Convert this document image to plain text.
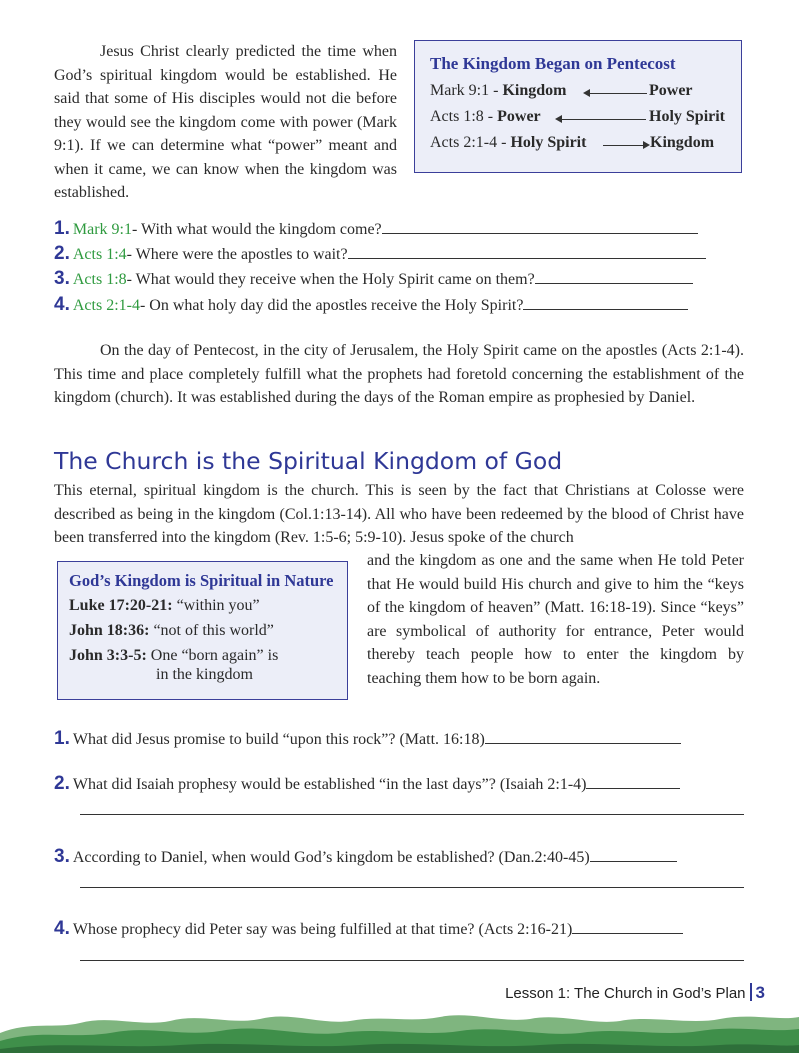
Jesus Christ clearly predicted the time when God’s spiritual kingdom would be established. He said that some of His disciples would not die before they would see the kingdom come with power (Mark 9:1). If we can determine what “power” meant and when it came, we can know when the kingdom was established.
The Kingdom Began on Pentecost
Mark 9:1 - Kingdom	Power
Acts 1:8 - Power	Holy Spirit
Acts 2:1-4 - Holy Spirit	Kingdom
1. Mark 9:1 - With what would the kingdom come?
2. Acts 1:4 - Where were the apostles to wait?
3. Acts 1:8 - What would they receive when the Holy Spirit came on them?
4. Acts 2:1-4 - On what holy day did the apostles receive the Holy Spirit?
On the day of Pentecost, in the city of Jerusalem, the Holy Spirit came on the apostles (Acts 2:1-4). This time and place completely fulfill what the prophets had foretold concerning the establishment of the kingdom (church). It was established during the days of the Roman empire as prophesied by Daniel.
The Church is the Spiritual Kingdom of God
This eternal, spiritual kingdom is the church. This is seen by the fact that Christians at Colosse were described as being in the kingdom (Col.1:13-14). All who have been redeemed by the blood of Christ have been transferred into the kingdom (Rev. 1:5-6; 5:9-10). Jesus spoke of the church
and the kingdom as one and the same when He told Peter that He would build His church and give to him the “keys of the kingdom of heaven” (Matt. 16:18-19). Since “keys” are symbolical of authority for entrance, Peter would thereby teach people how to enter the kingdom by teaching them how to be born again.
God’s Kingdom is Spiritual in Nature
Luke 17:20-21: “within you”
John 18:36: “not of this world”
John 3:3-5: One “born again” is
in the kingdom
1. What did Jesus promise to build “upon this rock”? (Matt. 16:18)
2. What did Isaiah prophesy would be established “in the last days”? (Isaiah 2:1-4)
3. According to Daniel, when would God’s kingdom be established? (Dan.2:40-45)
4. Whose prophecy did Peter say was being fulfilled at that time? (Acts 2:16-21)
Lesson 1: The Church in God’s Plan 3
